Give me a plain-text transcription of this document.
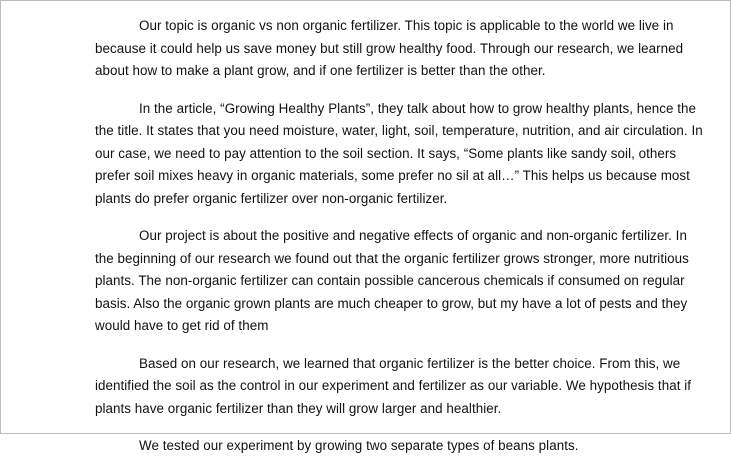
Our topic is organic vs non organic fertilizer. This topic is applicable to the world we live in because it could help us save money but still grow healthy food. Through our research, we learned about how to make a plant grow, and if one fertilizer is better than the other.

In the article, “Growing Healthy Plants”, they talk about how to grow healthy plants, hence the the title. It states that you need moisture, water, light, soil, temperature, nutrition, and air circulation. In our case, we need to pay attention to the soil section. It says, “Some plants like sandy soil, others prefer soil mixes heavy in organic materials, some prefer no sil at all…” This helps us because most plants do prefer organic fertilizer over non-organic fertilizer.

Our project is about the positive and negative effects of organic and non-organic fertilizer. In the beginning of our research we found out that the organic fertilizer grows stronger, more nutritious plants. The non-organic fertilizer can contain possible cancerous chemicals if consumed on regular basis. Also the organic grown plants are much cheaper to grow, but my have a lot of pests and they would have to get rid of them

Based on our research, we learned that organic fertilizer is the better choice. From this, we identified the soil as the control in our experiment and fertilizer as our variable. We hypothesis that if plants have organic fertilizer than they will grow larger and healthier.

We tested our experiment by growing two separate types of beans plants.
